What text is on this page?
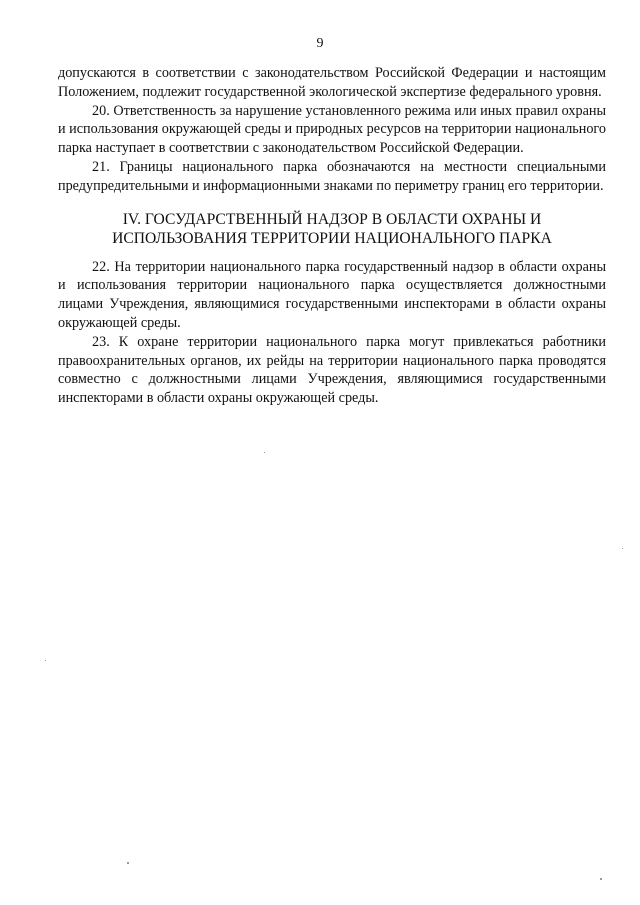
9

допускаются в соответствии с законодательством Российской Федерации и настоящим Положением, подлежит государственной экологической экспертизе федерального уровня.

20. Ответственность за нарушение установленного режима или иных правил охраны и использования окружающей среды и природных ресурсов на территории национального парка наступает в соответствии с законодательством Российской Федерации.

21. Границы национального парка обозначаются на местности специальными предупредительными и информационными знаками по периметру границ его территории.

IV. ГОСУДАРСТВЕННЫЙ НАДЗОР В ОБЛАСТИ ОХРАНЫ И
ИСПОЛЬЗОВАНИЯ ТЕРРИТОРИИ НАЦИОНАЛЬНОГО ПАРКА

22. На территории национального парка государственный надзор в области охраны и использования территории национального парка осуществляется должностными лицами Учреждения, являющимися государственными инспекторами в области охраны окружающей среды.

23. К охране территории национального парка могут привлекаться работники правоохранительных органов, их рейды на территории национального парка проводятся совместно с должностными лицами Учреждения, являющимися государственными инспекторами в области охраны окружающей среды.
